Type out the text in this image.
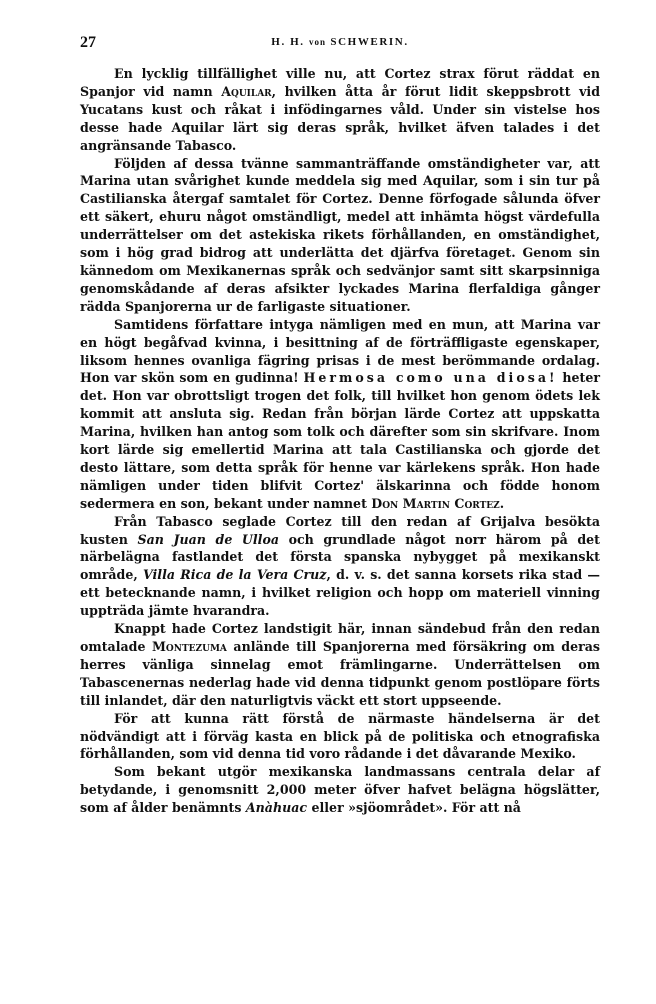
27	H. H. von SCHWERIN.

En lycklig tillfällighet ville nu, att Cortez strax förut räddat en Spanjor vid namn Aquilar, hvilken åtta år förut lidit skeppsbrott vid Yucatans kust och råkat i infödingarnes våld. Under sin vistelse hos desse hade Aquilar lärt sig deras språk, hvilket äfven talades i det angränsande Tabasco.

Följden af dessa tvänne sammanträffande omständigheter var, att Marina utan svårighet kunde meddela sig med Aquilar, som i sin tur på Castilianska återgaf samtalet för Cortez. Denne förfogade sålunda öfver ett säkert, ehuru något omständligt, medel att inhämta högst värdefulla underrättelser om det astekiska rikets förhållanden, en omständighet, som i hög grad bidrog att underlätta det djärfva företaget. Genom sin kännedom om Mexikanernas språk och sedvänjor samt sitt skarpsinniga genomskådande af deras afsikter lyckades Marina flerfaldiga gånger rädda Spanjorerna ur de farligaste situationer.

Samtidens författare intyga nämligen med en mun, att Marina var en högt begåfvad kvinna, i besittning af de förträffligaste egenskaper, liksom hennes ovanliga fägring prisas i de mest berömmande ordalag. Hon var skön som en gudinna! Hermosa como una diosa! heter det. Hon var obrottsligt trogen det folk, till hvilket hon genom ödets lek kommit att ansluta sig. Redan från början lärde Cortez att uppskatta Marina, hvilken han antog som tolk och därefter som sin skrifvare. Inom kort lärde sig emellertid Marina att tala Castilianska och gjorde det desto lättare, som detta språk för henne var kärlekens språk. Hon hade nämligen under tiden blifvit Cortez' älskarinna och födde honom sedermera en son, bekant under namnet Don Martin Cortez.

Från Tabasco seglade Cortez till den redan af Grijalva besökta kusten San Juan de Ulloa och grundlade något norr härom på det närbelägna fastlandet det första spanska nybygget på mexikanskt område, Villa Rica de la Vera Cruz, d. v. s. det sanna korsets rika stad — ett betecknande namn, i hvilket religion och hopp om materiell vinning uppträda jämte hvarandra.

Knappt hade Cortez landstigit här, innan sändebud från den redan omtalade Montezuma anlände till Spanjorerna med försäkring om deras herres vänliga sinnelag emot främlingarne. Underrättelsen om Tabascenernas nederlag hade vid denna tidpunkt genom postlöpare förts till inlandet, där den naturligtvis väckt ett stort uppseende.

För att kunna rätt förstå de närmaste händelserna är det nödvändigt att i förväg kasta en blick på de politiska och etnografiska förhållanden, som vid denna tid voro rådande i det dåvarande Mexiko.

Som bekant utgör mexikanska landmassans centrala delar af betydande, i genomsnitt 2,000 meter öfver hafvet belägna högslätter, som af ålder benämnts Anàhuac eller »sjöområdet». För att nå
